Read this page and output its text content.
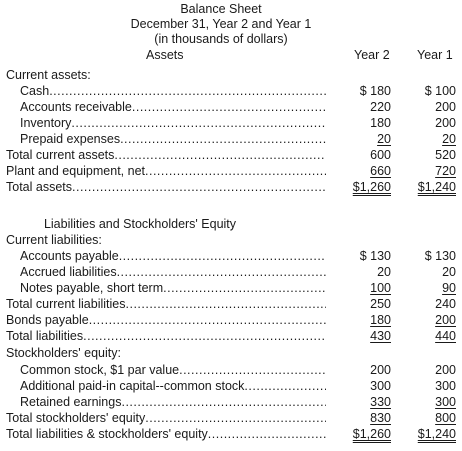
Balance Sheet
December 31, Year 2 and Year 1
(in thousands of dollars)
Assets	Year 2 Year 1
Current assets:
Cash .....	$ 180	$ 100
Accounts receivable .....	220	200
Inventory .....	180	200
Prepaid expenses .....	20	20
Total current assets .....	600	520
Plant and equipment, net .....	660	720
Total assets .....	$1,260	$1,240
Liabilities and Stockholders' Equity
Current liabilities:
Accounts payable .....	$ 130	$ 130
Accrued liabilities .....	20	20
Notes payable, short term .....	100	90
Total current liabilities .....	250	240
Bonds payable .....	180	200
Total liabilities .....	430	440
Stockholders' equity:
Common stock, $1 par value .....	200	200
Additional paid-in capital--common stock .....	300	300
Retained earnings .....	330	300
Total stockholders' equity .....	830	800
Total liabilities & stockholders' equity .....	$1,260	$1,240
